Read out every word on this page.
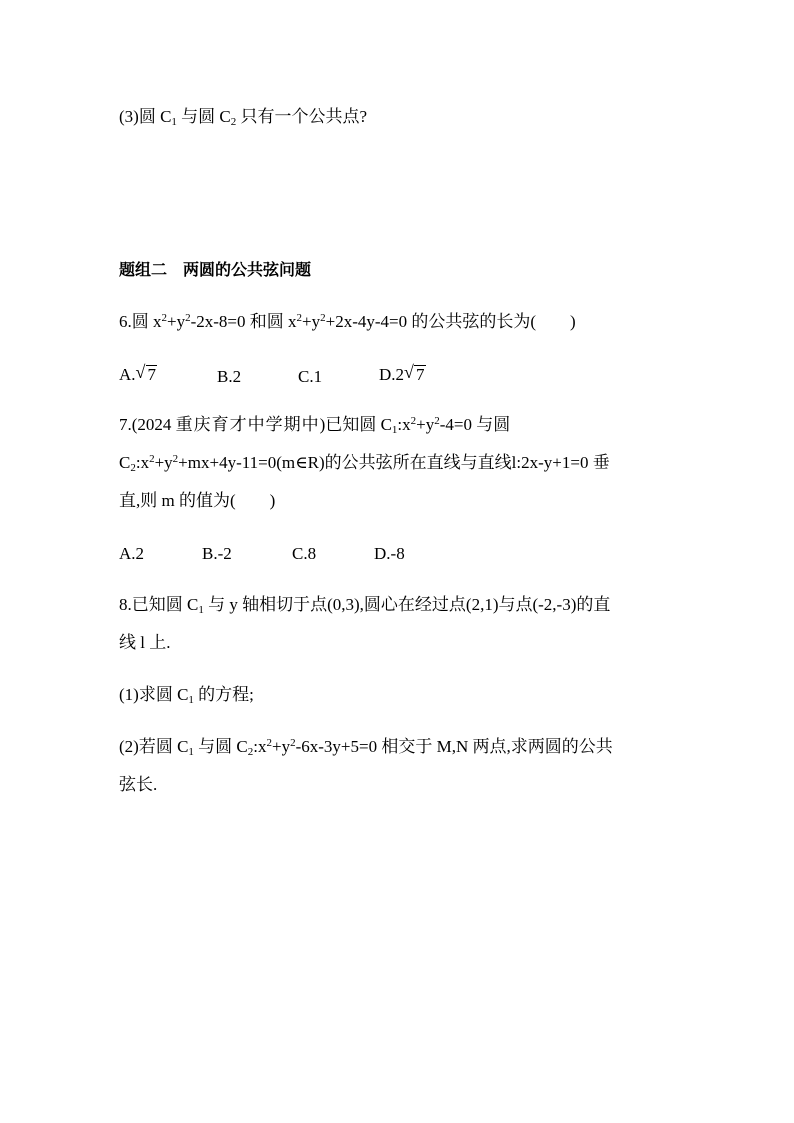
(3)圆 $C_1$ 与圆 $C_2$ 只有一个公共点?
题组二　两圆的公共弦问题
6.圆 $x^2+y^2-2x-8=0$ 和圆 $x^2+y^2+2x-4y-4=0$ 的公共弦的长为(　　)
A. √ 7	B.2	C.1	D.2 √ 7
7.(2024 重庆育才中学期中)已知圆 $C_1:x^2+y^2-4=0$ 与圆
$C_2:x^2+y^2+mx+4y-11=0(m\in R)$的公共弦所在直线与直线l:2x-y+1=0 垂
直,则 m 的值为(　　)
A.2	B.-2	C.8	D.-8
8.已知圆 $C_1$ 与 y 轴相切于点(0,3),圆心在经过点(2,1)与点(-2,-3)的直
线 l 上.
(1)求圆 $C_1$ 的方程;
(2)若圆 $C_1$ 与圆 $C_2:x^2+y^2-6x-3y+5=0$ 相交于 M,N 两点,求两圆的公共
弦长.
